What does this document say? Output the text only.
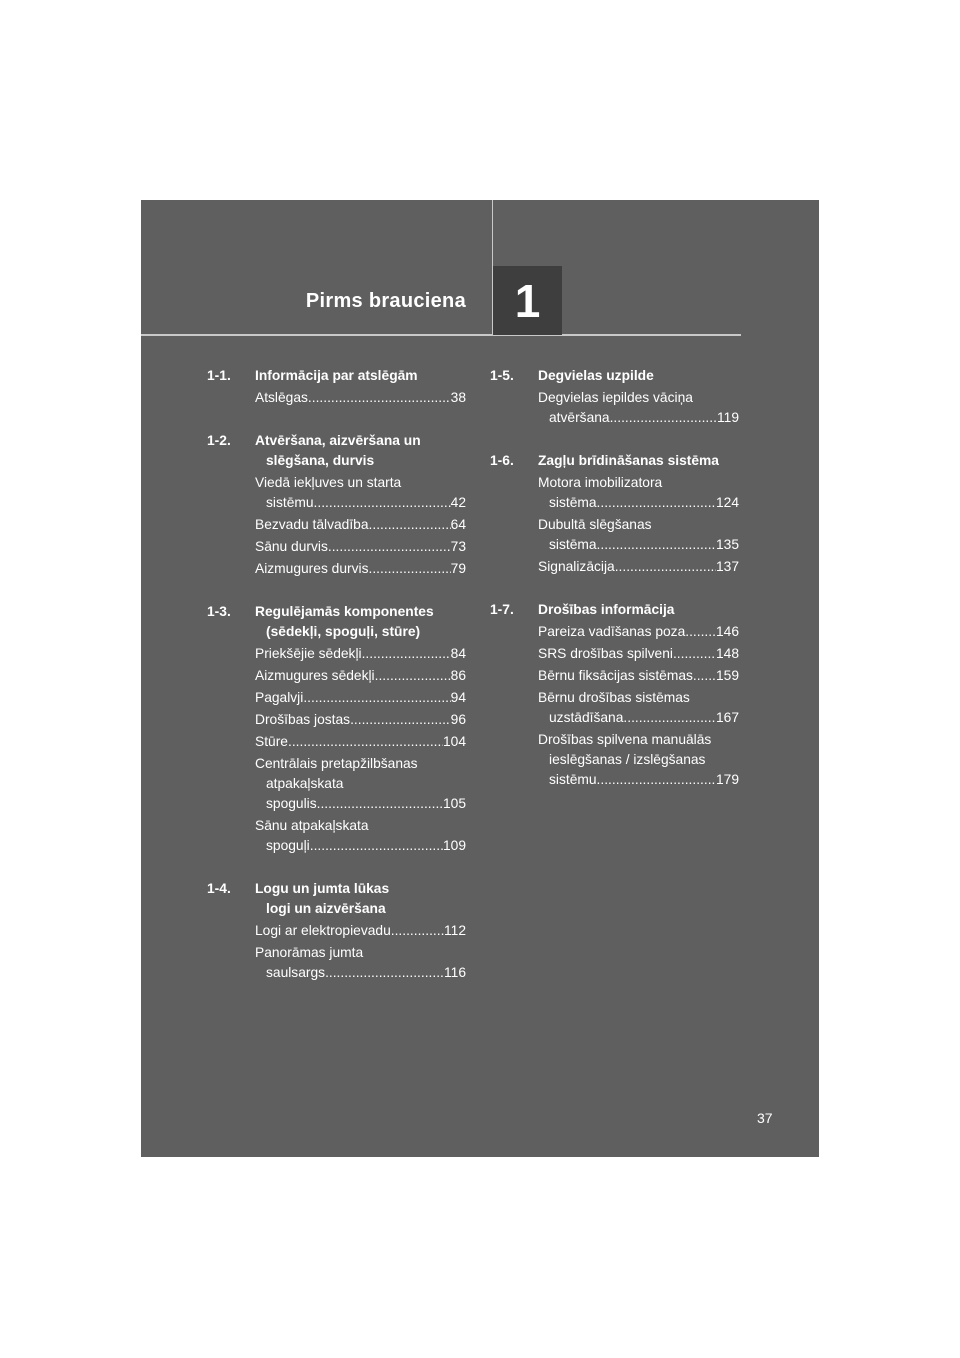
Pirms brauciena	1
1-1.	Informācija par atslēgām
Atslēgas .....	38
1-2.	Atvēršana, aizvēršana un
slēgšana, durvis
Viedā iekļuves un starta
sistēmu .....	42
Bezvadu tālvadība .....	64
Sānu durvis .....	73
Aizmugures durvis .....	79
1-3.	Regulējamās komponentes
(sēdekļi, spoguļi, stūre)
Priekšējie sēdekļi .....	84
Aizmugures sēdekļi .....	86
Pagalvji .....	94
Drošības jostas .....	96
Stūre .....	104
Centrālais pretapžilbšanas
atpakaļskata
spogulis .....	105
Sānu atpakaļskata
spoguļi .....	109
1-4.	Logu un jumta lūkas
logi un aizvēršana
Logi ar elektropievadu .....	112
Panorāmas jumta
saulsargs .....	116
1-5.	Degvielas uzpilde
Degvielas iepildes vāciņa
atvēršana .....	119
1-6.	Zagļu brīdināšanas sistēma
Motora imobilizatora
sistēma .....	124
Dubultā slēgšanas
sistēma .....	135
Signalizācija .....	137
1-7.	Drošības informācija
Pareiza vadīšanas poza ..... 146
SRS drošības spilveni .....	148
Bērnu fiksācijas sistēmas ..... 159
Bērnu drošības sistēmas
uzstādīšana .....	167
Drošības spilvena manuālās
ieslēgšanas / izslēgšanas
sistēmu .....	179
37
